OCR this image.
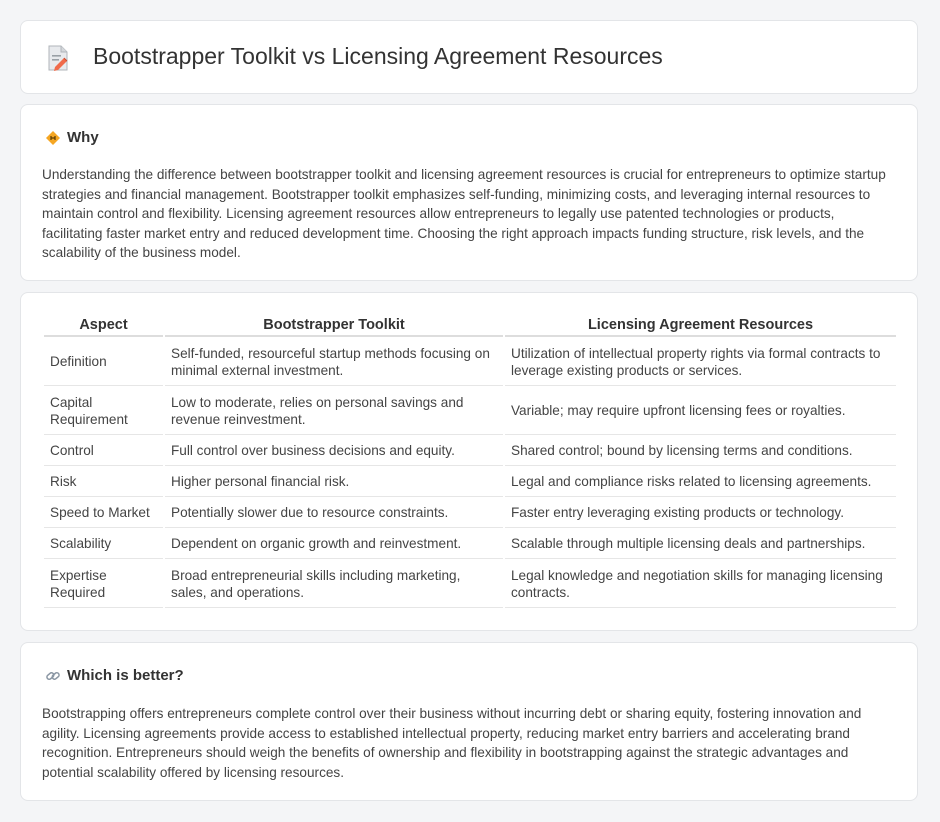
Bootstrapper Toolkit vs Licensing Agreement Resources
Why

Understanding the difference between bootstrapper toolkit and licensing agreement resources is crucial for entrepreneurs to optimize startup strategies and financial management. Bootstrapper toolkit emphasizes self-funding, minimizing costs, and leveraging internal resources to maintain control and flexibility. Licensing agreement resources allow entrepreneurs to legally use patented technologies or products, facilitating faster market entry and reduced development time. Choosing the right approach impacts funding structure, risk levels, and the scalability of the business model.

Aspect	Bootstrapper Toolkit	Licensing Agreement Resources
Definition	Self-funded, resourceful startup methods focusing on minimal external investment.	Utilization of intellectual property rights via formal contracts to leverage existing products or services.
Capital Requirement	Low to moderate, relies on personal savings and revenue reinvestment.	Variable; may require upfront licensing fees or royalties.
Control	Full control over business decisions and equity.	Shared control; bound by licensing terms and conditions.
Risk	Higher personal financial risk.	Legal and compliance risks related to licensing agreements.
Speed to Market	Potentially slower due to resource constraints.	Faster entry leveraging existing products or technology.
Scalability	Dependent on organic growth and reinvestment.	Scalable through multiple licensing deals and partnerships.
Expertise Required	Broad entrepreneurial skills including marketing, sales, and operations.	Legal knowledge and negotiation skills for managing licensing contracts.
Which is better?

Bootstrapping offers entrepreneurs complete control over their business without incurring debt or sharing equity, fostering innovation and agility. Licensing agreements provide access to established intellectual property, reducing market entry barriers and accelerating brand recognition. Entrepreneurs should weigh the benefits of ownership and flexibility in bootstrapping against the strategic advantages and potential scalability offered by licensing resources.
